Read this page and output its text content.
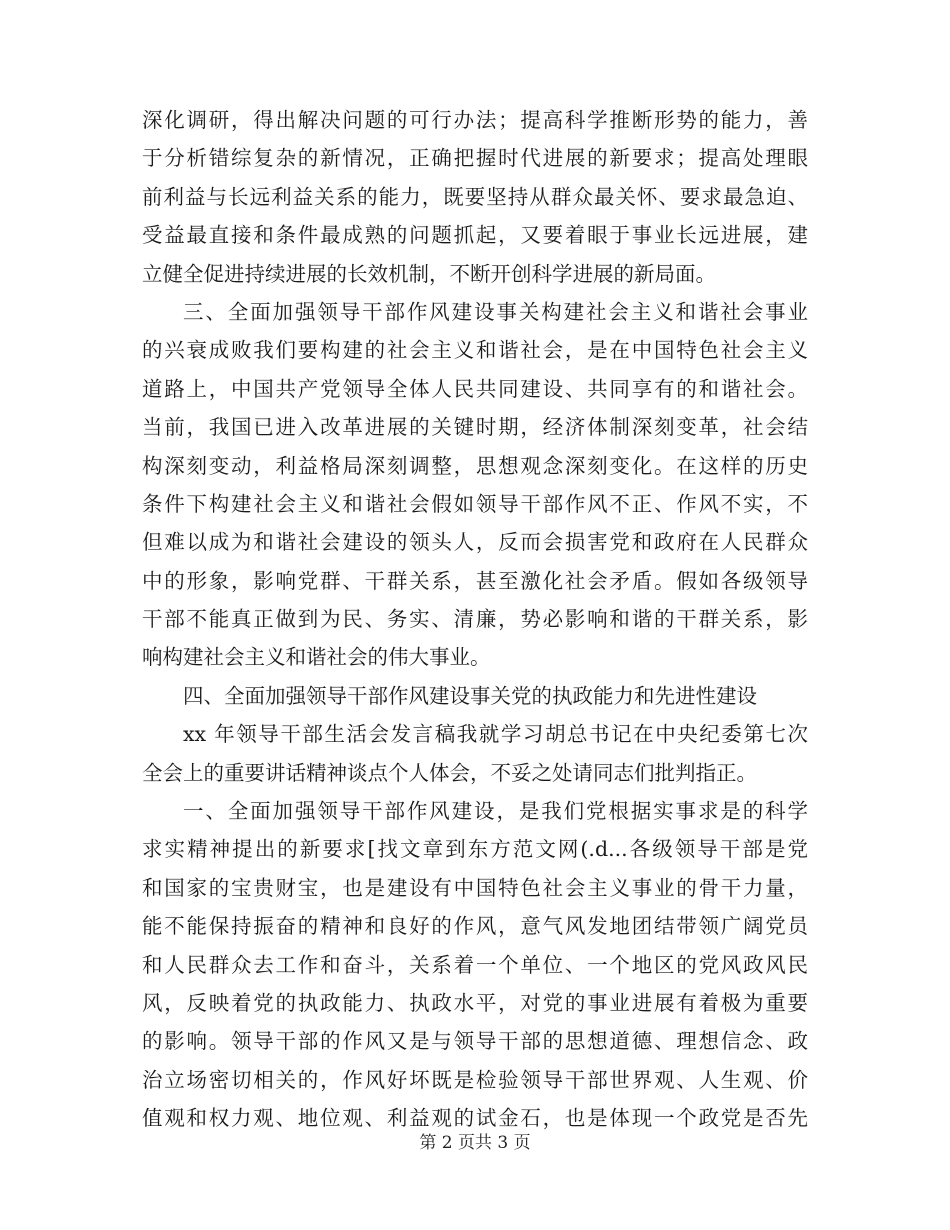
深化调研，得出解决问题的可行办法；提高科学推断形势的能力，善
于分析错综复杂的新情况，正确把握时代进展的新要求；提高处理眼
前利益与长远利益关系的能力，既要坚持从群众最关怀、要求最急迫、
受益最直接和条件最成熟的问题抓起，又要着眼于事业长远进展，建
立健全促进持续进展的长效机制，不断开创科学进展的新局面。
三、全面加强领导干部作风建设事关构建社会主义和谐社会事业
的兴衰成败我们要构建的社会主义和谐社会，是在中国特色社会主义
道路上，中国共产党领导全体人民共同建设、共同享有的和谐社会。
当前，我国已进入改革进展的关键时期，经济体制深刻变革，社会结
构深刻变动，利益格局深刻调整，思想观念深刻变化。在这样的历史
条件下构建社会主义和谐社会假如领导干部作风不正、作风不实，不
但难以成为和谐社会建设的领头人，反而会损害党和政府在人民群众
中的形象，影响党群、干群关系，甚至激化社会矛盾。假如各级领导
干部不能真正做到为民、务实、清廉，势必影响和谐的干群关系，影
响构建社会主义和谐社会的伟大事业。
四、全面加强领导干部作风建设事关党的执政能力和先进性建设
xx 年领导干部生活会发言稿我就学习胡总书记在中央纪委第七次
全会上的重要讲话精神谈点个人体会，不妥之处请同志们批判指正。
一、全面加强领导干部作风建设，是我们党根据实事求是的科学
求实精神提出的新要求[找文章到东方范文网(.d...各级领导干部是党
和国家的宝贵财宝，也是建设有中国特色社会主义事业的骨干力量，
能不能保持振奋的精神和良好的作风，意气风发地团结带领广阔党员
和人民群众去工作和奋斗，关系着一个单位、一个地区的党风政风民
风，反映着党的执政能力、执政水平，对党的事业进展有着极为重要
的影响。领导干部的作风又是与领导干部的思想道德、理想信念、政
治立场密切相关的，作风好坏既是检验领导干部世界观、人生观、价
值观和权力观、地位观、利益观的试金石，也是体现一个政党是否先
第 2 页共 3 页
